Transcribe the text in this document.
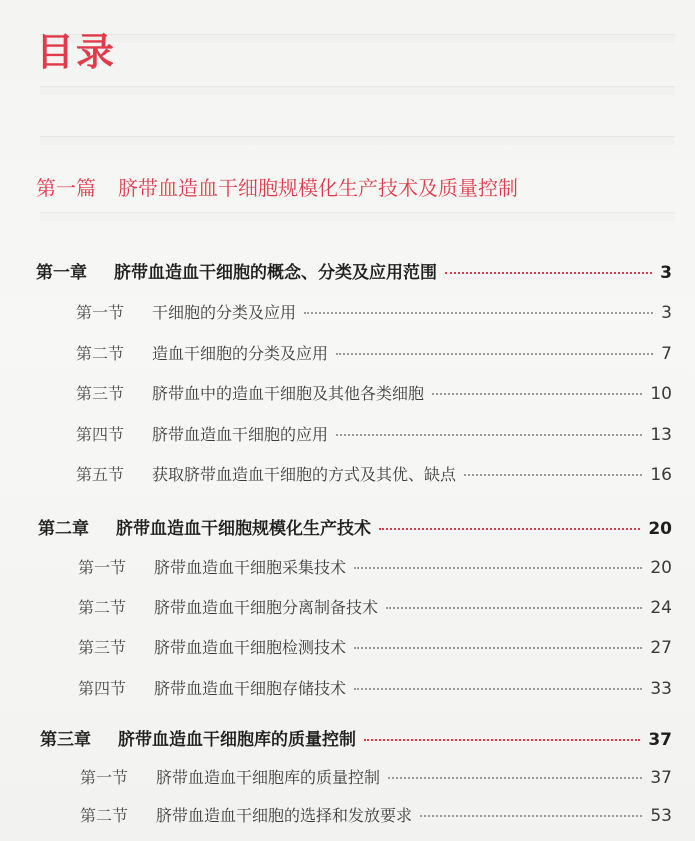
目录
第一篇 脐带血造血干细胞规模化生产技术及质量控制
第一章	脐带血造血干细胞的概念、分类及应用范围	3
第一节	干细胞的分类及应用	3
第二节	造血干细胞的分类及应用	7
第三节	脐带血中的造血干细胞及其他各类细胞	10
第四节	脐带血造血干细胞的应用	13
第五节	获取脐带血造血干细胞的方式及其优、缺点	16
第二章	脐带血造血干细胞规模化生产技术	20
第一节	脐带血造血干细胞采集技术	20
第二节	脐带血造血干细胞分离制备技术	24
第三节	脐带血造血干细胞检测技术	27
第四节	脐带血造血干细胞存储技术	33
第三章	脐带血造血干细胞库的质量控制	37
第一节	脐带血造血干细胞库的质量控制	37
第二节	脐带血造血干细胞的选择和发放要求	53
